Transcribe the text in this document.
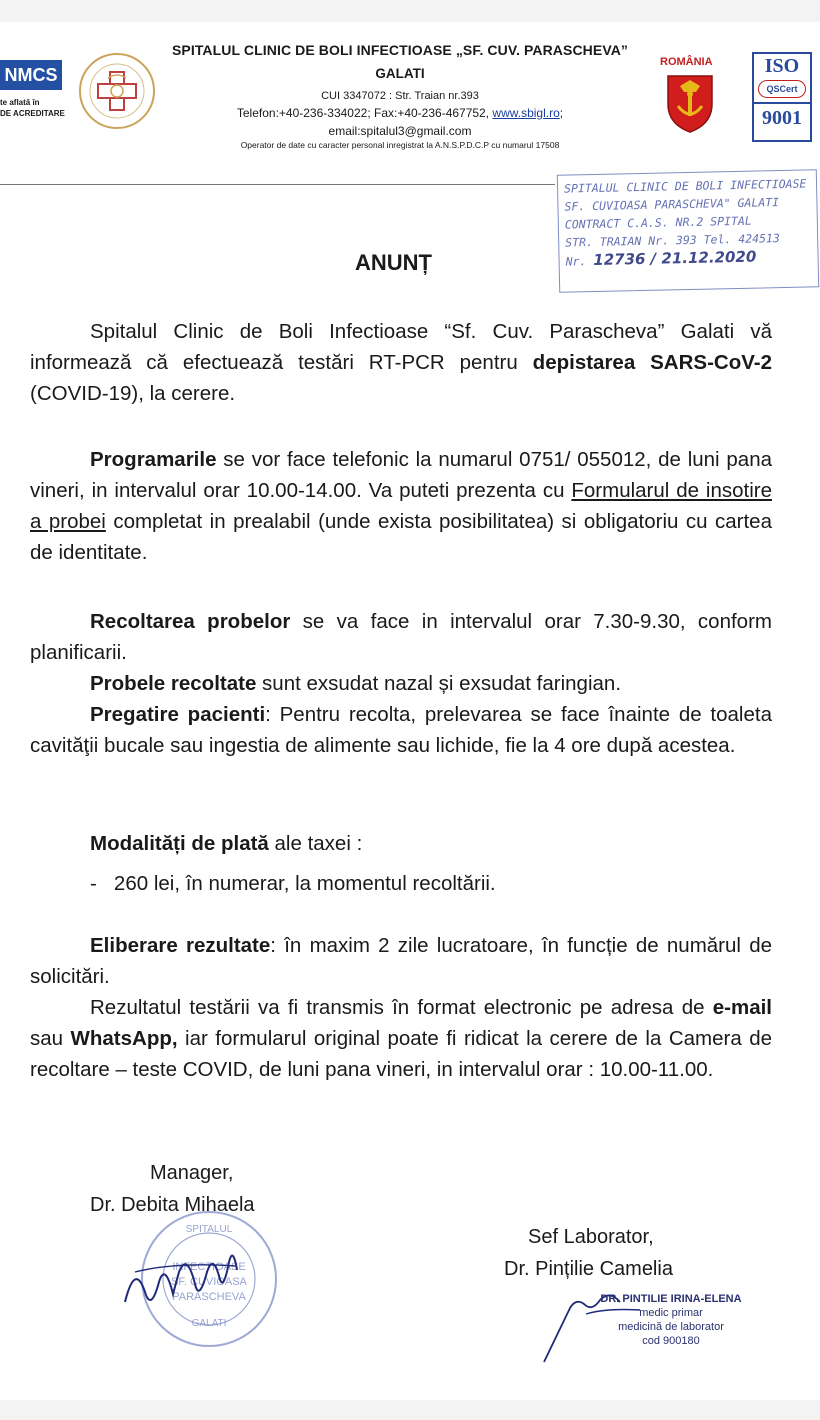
NMCS
te aflată în
DE ACREDITARE
SPITALUL CLINIC DE BOLI INFECTIOASE „SF. CUV. PARASCHEVA”
GALATI
CUI 3347072 : Str. Traian nr.393
Telefon:+40-236-334022; Fax:+40-236-467752, www.sbigl.ro;
email:spitalul3@gmail.com
Operator de date cu caracter personal inregistrat la A.N.S.P.D.C.P cu numarul 17508
ROMÂNIA	ISO
QSCert
9001
SPITALUL CLINIC DE BOLI INFECTIOASE
SF. CUVIOASA PARASCHEVA" GALATI
CONTRACT C.A.S. NR.2 SPITAL
STR. TRAIAN Nr. 393 Tel. 424513
Nr. 12736 / 21.12.2020
ANUNȚ
Spitalul Clinic de Boli Infectioase “Sf. Cuv. Parascheva” Galati vă informează că efectuează testări RT-PCR pentru depistarea SARS-CoV-2 (COVID-19), la cerere.
Programarile se vor face telefonic la numarul 0751/ 055012, de luni pana vineri, in intervalul orar 10.00-14.00. Va puteti prezenta cu Formularul de insotire a probei completat in prealabil (unde exista posibilitatea) si obligatoriu cu cartea de identitate.
Recoltarea probelor se va face in intervalul orar 7.30-9.30, conform planificarii.
Probele recoltate sunt exsudat nazal și exsudat faringian.
Pregatire pacienti: Pentru recolta, prelevarea se face înainte de toaleta cavităţii bucale sau ingestia de alimente sau lichide, fie la 4 ore după acestea.
Modalități de plată ale taxei :
- 260 lei, în numerar, la momentul recoltării.
Eliberare rezultate: în maxim 2 zile lucratoare, în funcție de numărul de solicitări.
Rezultatul testării va fi transmis în format electronic pe adresa de e-mail sau WhatsApp, iar formularul original poate fi ridicat la cerere de la Camera de recoltare – teste COVID, de luni pana vineri, in intervalul orar : 10.00-11.00.
Manager,
Dr. Debita Mihaela
INFECTIOASE
SF. CUVIOASA
PARASCHEVA
GALATI
SPITALUL	Sef Laborator,
Dr. Pințilie Camelia
DR. PINTILIE IRINA-ELENA
medic primar
medicină de laborator
cod 900180
